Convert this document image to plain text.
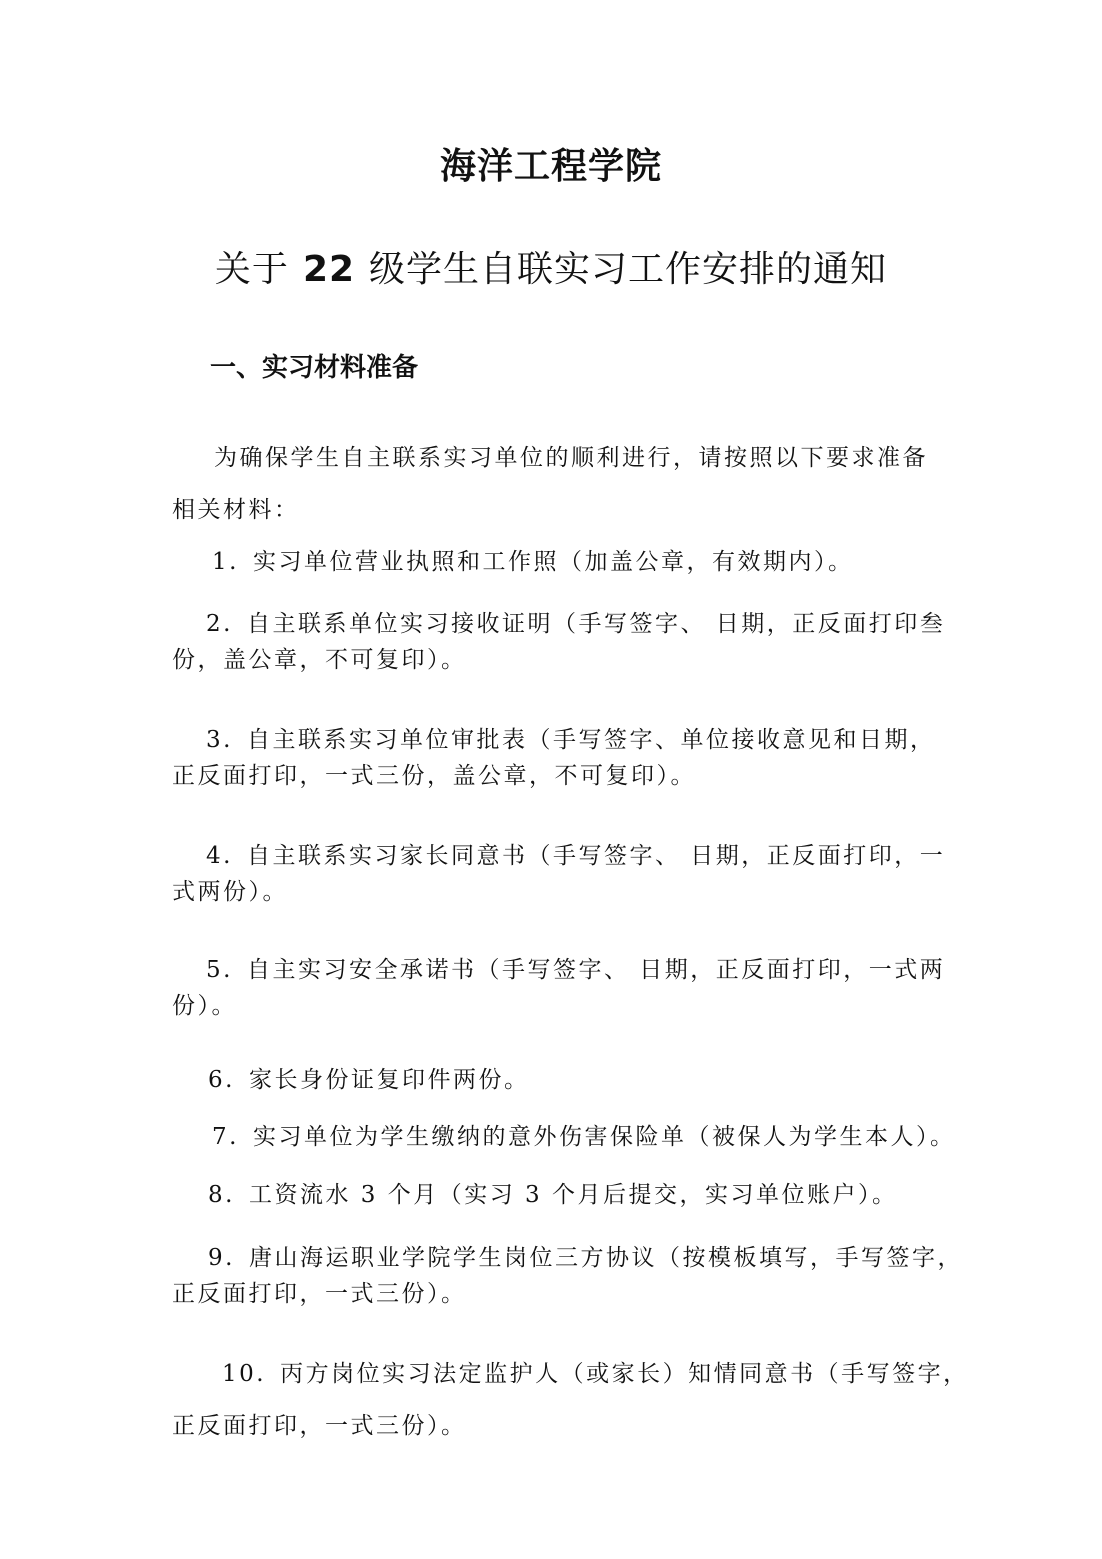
海洋工程学院
关于 22 级学生自联实习工作安排的通知
一、实习材料准备
为确保学生自主联系实习单位的顺利进行，请按照以下要求准备
相关材料：
1. 实习单位营业执照和工作照（加盖公章，有效期内）。
2. 自主联系单位实习接收证明（手写签字、 日期，正反面打印叁
份，盖公章，不可复印）。
3. 自主联系实习单位审批表（手写签字、单位接收意见和日期，
正反面打印，一式三份，盖公章，不可复印）。
4. 自主联系实习家长同意书（手写签字、 日期，正反面打印，一
式两份）。
5. 自主实习安全承诺书（手写签字、 日期，正反面打印，一式两
份）。
6. 家长身份证复印件两份。
7. 实习单位为学生缴纳的意外伤害保险单（被保人为学生本人）。
8. 工资流水 3 个月（实习 3 个月后提交，实习单位账户）。
9. 唐山海运职业学院学生岗位三方协议（按模板填写，手写签字，
正反面打印，一式三份）。
10. 丙方岗位实习法定监护人（或家长）知情同意书（手写签字，
正反面打印，一式三份）。
